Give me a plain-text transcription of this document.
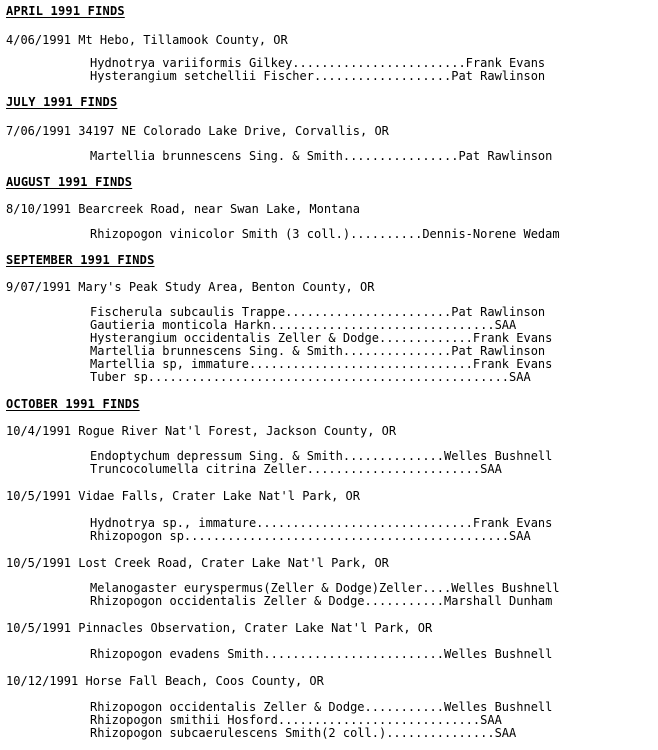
APRIL 1991 FINDS
4/06/1991 Mt Hebo, Tillamook County, OR
Hydnotrya variiformis Gilkey........................Frank Evans
Hysterangium setchellii Fischer...................Pat Rawlinson
JULY 1991 FINDS
7/06/1991 34197 NE Colorado Lake Drive, Corvallis, OR
Martellia brunnescens Sing. & Smith................Pat Rawlinson
AUGUST 1991 FINDS
8/10/1991 Bearcreek Road, near Swan Lake, Montana
Rhizopogon vinicolor Smith (3 coll.)..........Dennis-Norene Wedam
SEPTEMBER 1991 FINDS
9/07/1991 Mary's Peak Study Area, Benton County, OR
Fischerula subcaulis Trappe.......................Pat Rawlinson
Gautieria monticola Harkn...............................SAA
Hysterangium occidentalis Zeller & Dodge.............Frank Evans
Martellia brunnescens Sing. & Smith...............Pat Rawlinson
Martellia sp, immature...............................Frank Evans
Tuber sp..................................................SAA
OCTOBER 1991 FINDS
10/4/1991 Rogue River Nat'l Forest, Jackson County, OR
Endoptychum depressum Sing. & Smith..............Welles Bushnell
Truncocolumella citrina Zeller........................SAA
10/5/1991 Vidae Falls, Crater Lake Nat'l Park, OR
Hydnotrya sp., immature..............................Frank Evans
Rhizopogon sp.............................................SAA
10/5/1991 Lost Creek Road, Crater Lake Nat'l Park, OR
Melanogaster euryspermus(Zeller & Dodge)Zeller....Welles Bushnell
Rhizopogon occidentalis Zeller & Dodge...........Marshall Dunham
10/5/1991 Pinnacles Observation, Crater Lake Nat'l Park, OR
Rhizopogon evadens Smith.........................Welles Bushnell
10/12/1991 Horse Fall Beach, Coos County, OR
Rhizopogon occidentalis Zeller & Dodge...........Welles Bushnell
Rhizopogon smithii Hosford............................SAA
Rhizopogon subcaerulescens Smith(2 coll.)...............SAA
